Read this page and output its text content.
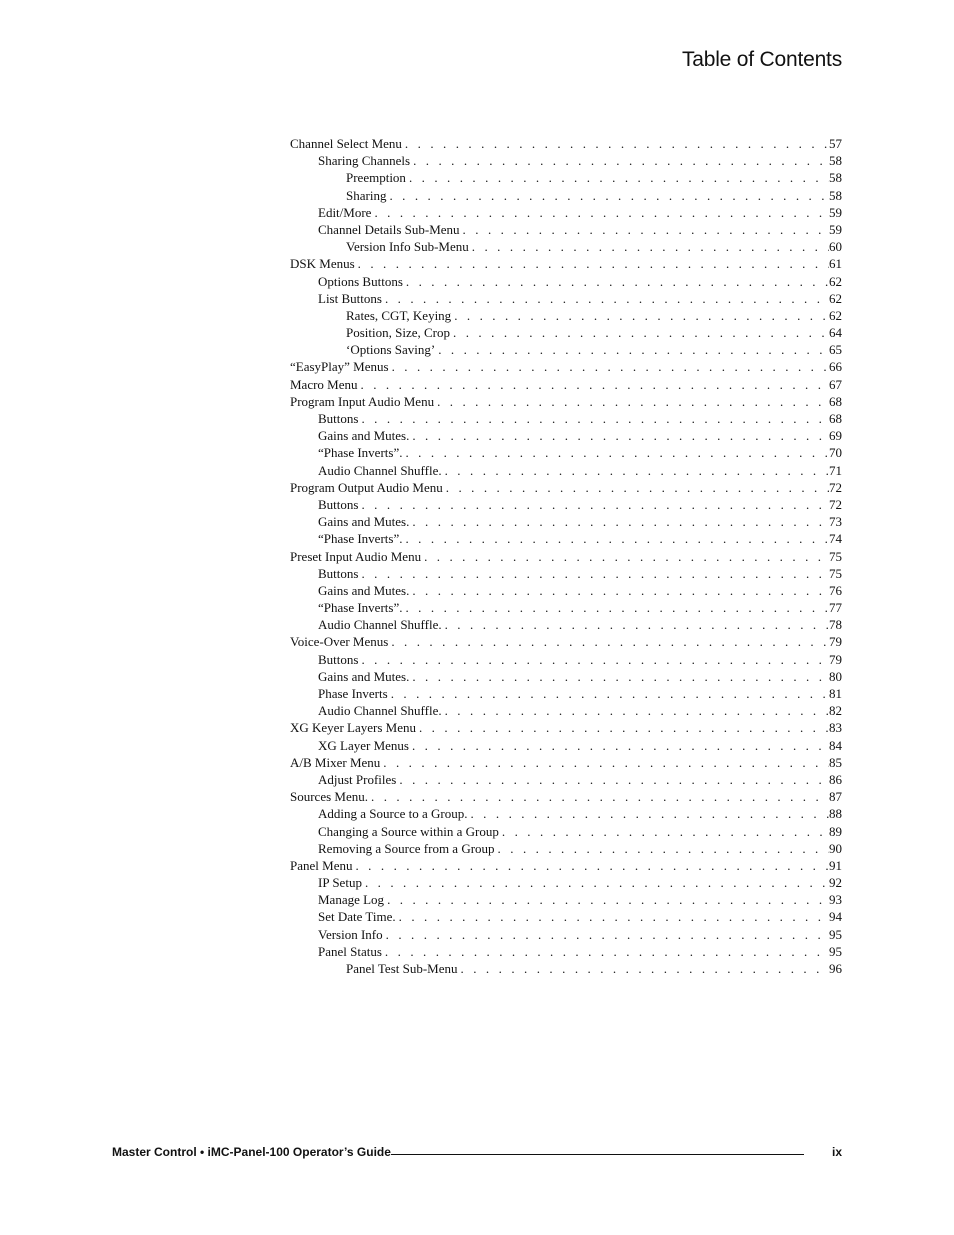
Table of Contents
Channel Select Menu . . .	57
Sharing Channels . . .	58
Preemption . . .	58
Sharing . . .	58
Edit/More . . .	59
Channel Details Sub-Menu . . .	59
Version Info Sub-Menu . . .	60
DSK Menus . . .	61
Options Buttons . . .	62
List Buttons . . .	62
Rates, CGT, Keying . . .	62
Position, Size, Crop . . .	64
‘Options Saving’ . . .	65
“EasyPlay” Menus . . .	66
Macro Menu . . .	67
Program Input Audio Menu . . .	68
Buttons . . .	68
Gains and Mutes. . . .	69
“Phase Inverts”. . . .	70
Audio Channel Shuffle. . . .	71
Program Output Audio Menu . . .	72
Buttons . . .	72
Gains and Mutes. . . .	73
“Phase Inverts”. . . .	74
Preset Input Audio Menu . . .	75
Buttons . . .	75
Gains and Mutes. . . .	76
“Phase Inverts”. . . .	77
Audio Channel Shuffle. . . .	78
Voice-Over Menus . . .	79
Buttons . . .	79
Gains and Mutes. . . .	80
Phase Inverts . . .	81
Audio Channel Shuffle. . . .	82
XG Keyer Layers Menu . . .	83
XG Layer Menus . . .	84
A/B Mixer Menu . . .	85
Adjust Profiles . . .	86
Sources Menu. . . .	87
Adding a Source to a Group. . . .	88
Changing a Source within a Group . . .	89
Removing a Source from a Group . . .	90
Panel Menu . . .	91
IP Setup . . .	92
Manage Log . . .	93
Set Date Time. . . .	94
Version Info . . .	95
Panel Status . . .	95
Panel Test Sub-Menu . . .	96
Master Control • iMC-Panel-100 Operator’s Guide	ix
